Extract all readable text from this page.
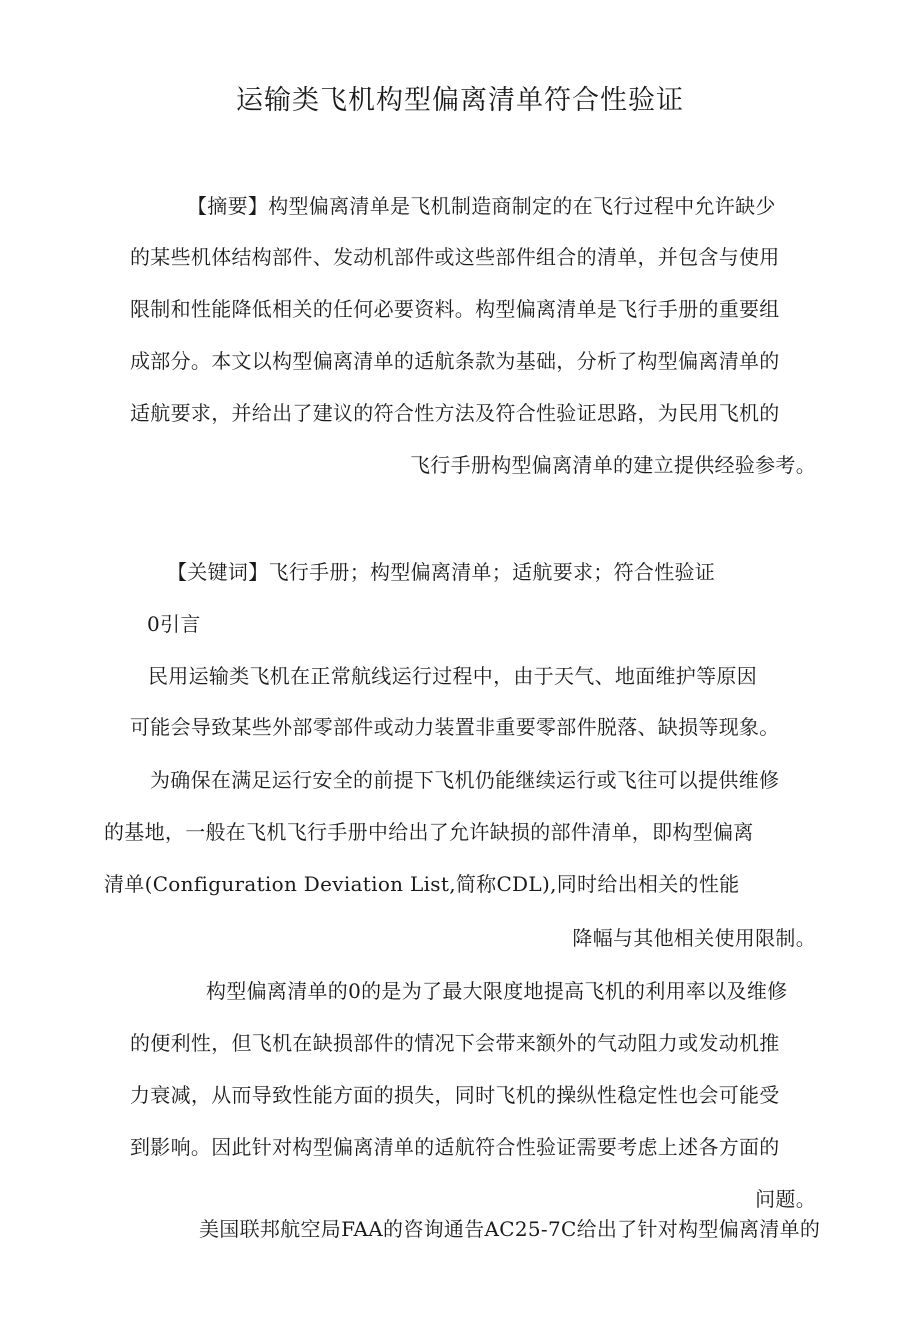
运输类飞机构型偏离清单符合性验证
【摘要】构型偏离清单是飞机制造商制定的在飞行过程中允许缺少
的某些机体结构部件、发动机部件或这些部件组合的清单，并包含与使用
限制和性能降低相关的任何必要资料。构型偏离清单是飞行手册的重要组
成部分。本文以构型偏离清单的适航条款为基础，分析了构型偏离清单的
适航要求，并给出了建议的符合性方法及符合性验证思路，为民用飞机的
飞行手册构型偏离清单的建立提供经验参考。
【关键词】飞行手册；构型偏离清单；适航要求；符合性验证
0引言
民用运输类飞机在正常航线运行过程中，由于天气、地面维护等原因
可能会导致某些外部零部件或动力装置非重要零部件脱落、缺损等现象。
为确保在满足运行安全的前提下飞机仍能继续运行或飞往可以提供维修
的基地，一般在飞机飞行手册中给出了允许缺损的部件清单，即构型偏离
清单(Configuration Deviation List,简称CDL),同时给出相关的性能
降幅与其他相关使用限制。
构型偏离清单的0的是为了最大限度地提高飞机的利用率以及维修
的便利性，但飞机在缺损部件的情况下会带来额外的气动阻力或发动机推
力衰减，从而导致性能方面的损失，同时飞机的操纵性稳定性也会可能受
到影响。因此针对构型偏离清单的适航符合性验证需要考虑上述各方面的
问题。
美国联邦航空局FAA的咨询通告AC25-7C给出了针对构型偏离清单的
